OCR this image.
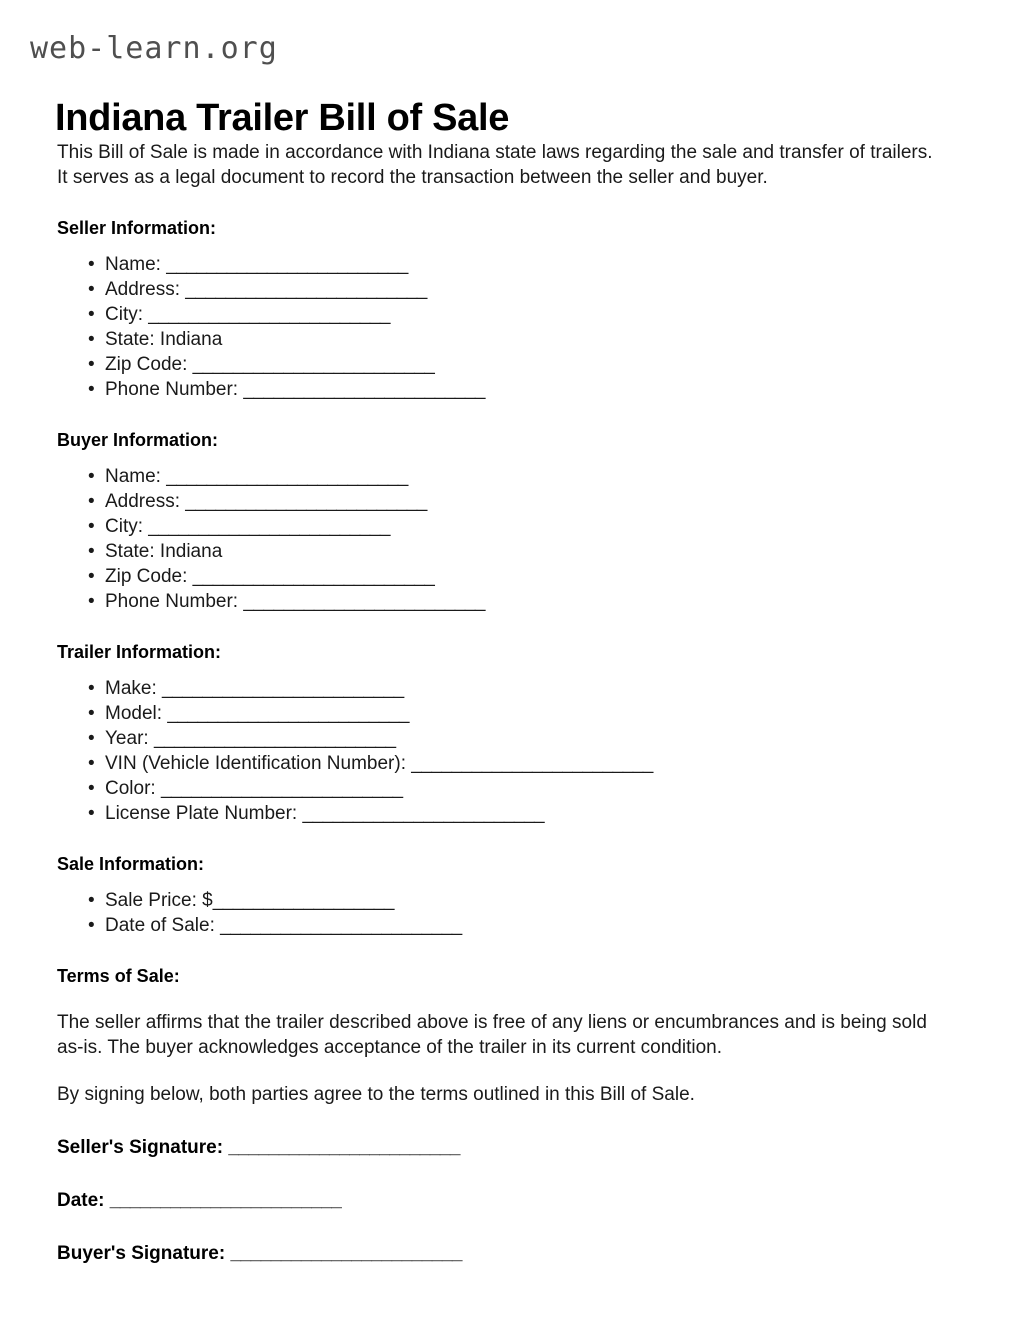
web-learn.org
Indiana Trailer Bill of Sale

This Bill of Sale is made in accordance with Indiana state laws regarding the sale and transfer of trailers. It serves as a legal document to record the transaction between the seller and buyer.

Seller Information:
• Name: ________________________
• Address: ________________________
• City: ________________________
• State: Indiana
• Zip Code: ________________________
• Phone Number: ________________________
Buyer Information:
• Name: ________________________
• Address: ________________________
• City: ________________________
• State: Indiana
• Zip Code: ________________________
• Phone Number: ________________________
Trailer Information:
• Make: ________________________
• Model: ________________________
• Year: ________________________
• VIN (Vehicle Identification Number): ________________________
• Color: ________________________
• License Plate Number: ________________________
Sale Information:
• Sale Price: $__________________
• Date of Sale: ________________________
Terms of Sale:

The seller affirms that the trailer described above is free of any liens or encumbrances and is being sold as-is. The buyer acknowledges acceptance of the trailer in its current condition.

By signing below, both parties agree to the terms outlined in this Bill of Sale.

Seller's Signature: _______________________
Date: _______________________
Buyer's Signature: _______________________
